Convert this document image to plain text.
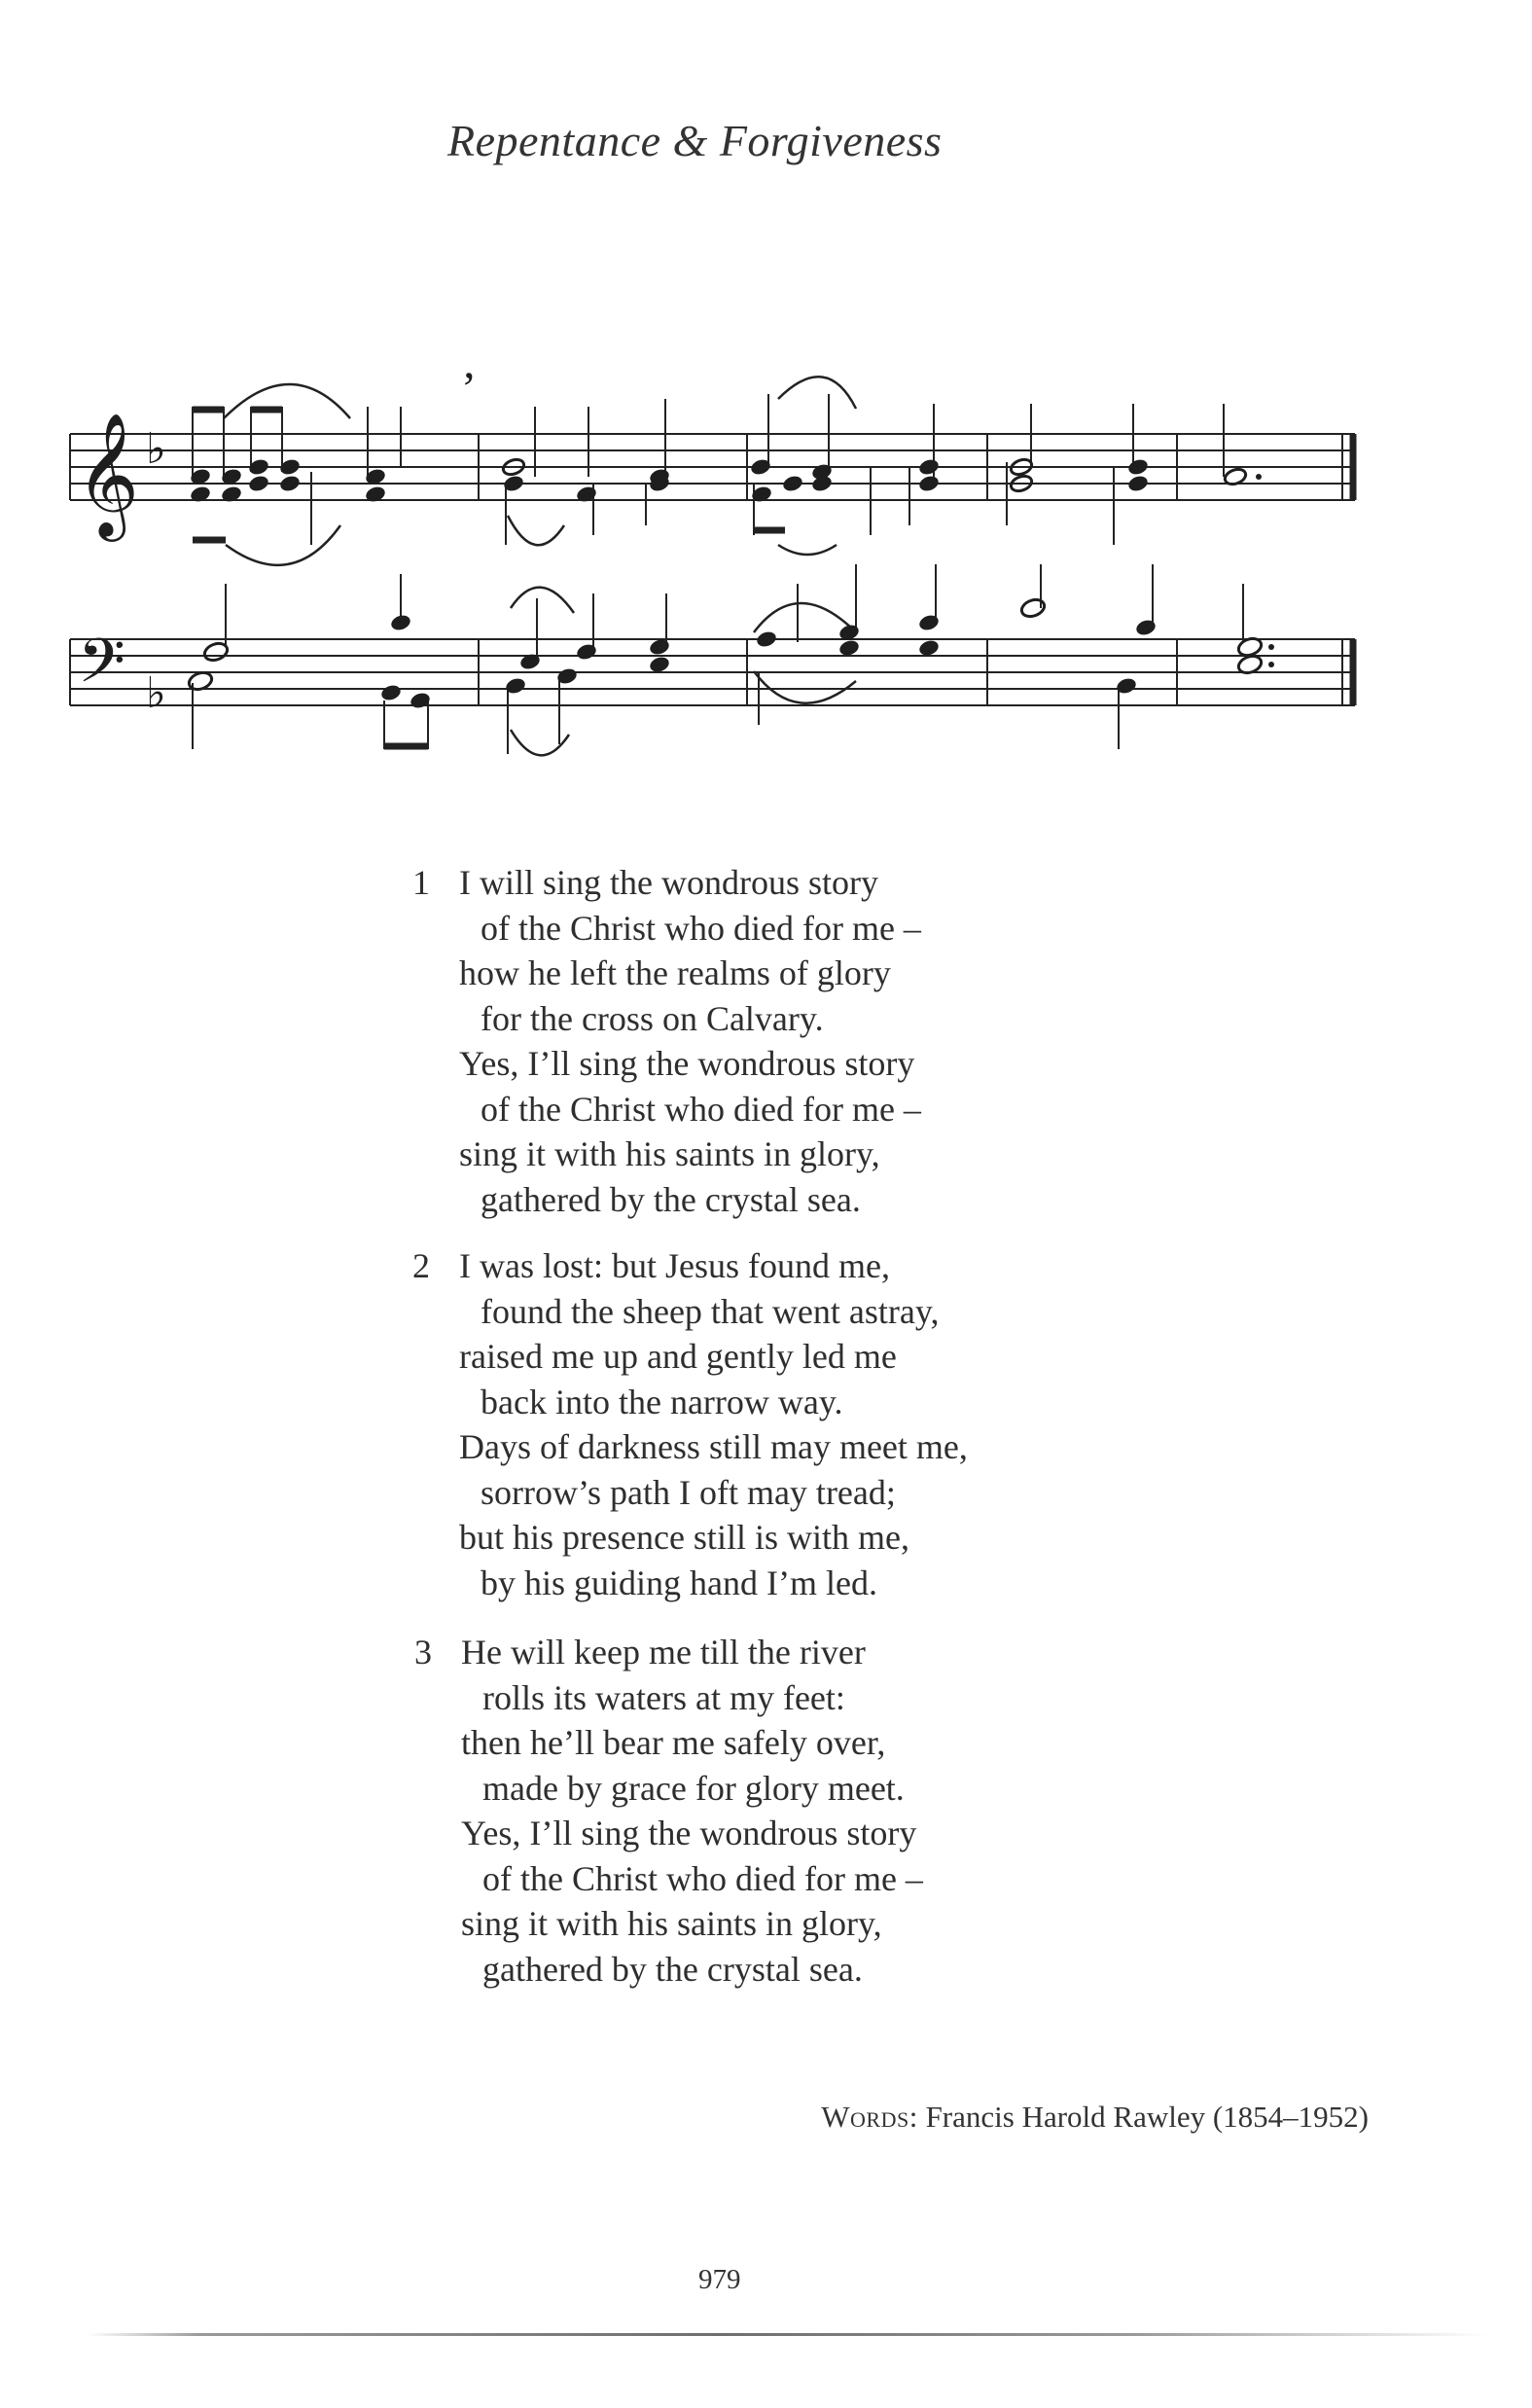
Repentance & Forgiveness
𝄞
𝄢
♭
♭
’
1 I will sing the wondrous story
of the Christ who died for me –
how he left the realms of glory
for the cross on Calvary.
Yes, I’ll sing the wondrous story
of the Christ who died for me –
sing it with his saints in glory,
gathered by the crystal sea.
2 I was lost: but Jesus found me,
found the sheep that went astray,
raised me up and gently led me
back into the narrow way.
Days of darkness still may meet me,
sorrow’s path I oft may tread;
but his presence still is with me,
by his guiding hand I’m led.
3 He will keep me till the river
rolls its waters at my feet:
then he’ll bear me safely over,
made by grace for glory meet.
Yes, I’ll sing the wondrous story
of the Christ who died for me –
sing it with his saints in glory,
gathered by the crystal sea.
Words: Francis Harold Rawley (1854–1952)
979
